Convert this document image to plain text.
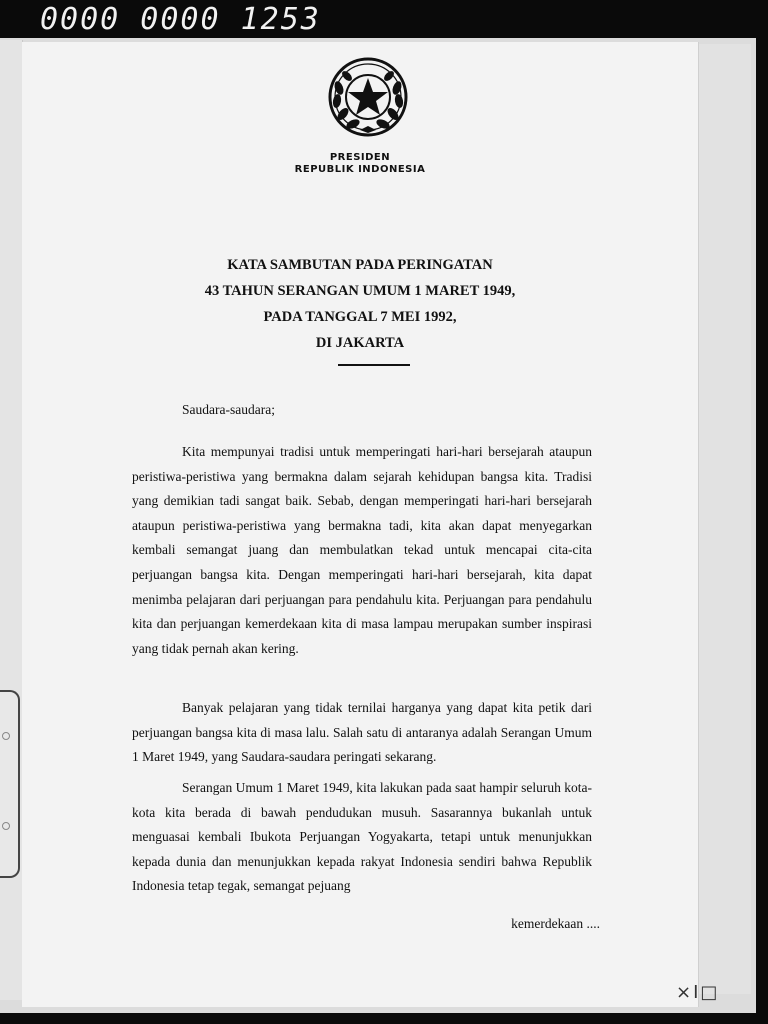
0000 0000 1253
PRESIDEN
REPUBLIK INDONESIA
KATA SAMBUTAN PADA PERINGATAN
43 TAHUN SERANGAN UMUM 1 MARET 1949,
PADA TANGGAL 7 MEI 1992,
DI JAKARTA
Saudara-saudara;
Kita mempunyai tradisi untuk memperingati hari-hari bersejarah ataupun peristiwa-peristiwa yang bermakna dalam sejarah kehidupan bangsa kita. Tradisi yang demikian tadi sangat baik. Sebab, dengan memperingati hari-hari bersejarah ataupun peristiwa-peristiwa yang bermakna tadi, kita akan dapat menyegarkan kembali semangat juang dan membulatkan tekad untuk mencapai cita-cita perjuangan bangsa kita. Dengan memperingati hari-hari bersejarah, kita dapat menimba pelajaran dari perjuangan para pendahulu kita. Perjuangan para pendahulu kita dan perjuangan kemerdekaan kita di masa lampau merupakan sumber inspirasi yang tidak pernah akan kering.
Banyak pelajaran yang tidak ternilai harganya yang dapat kita petik dari perjuangan bangsa kita di masa lalu. Salah satu di antaranya adalah Serangan Umum 1 Maret 1949, yang Saudara-saudara peringati sekarang.
Serangan Umum 1 Maret 1949, kita lakukan pada saat hampir seluruh kota-kota kita berada di bawah pendudukan musuh. Sasarannya bukanlah untuk menguasai kembali Ibukota Perjuangan Yogyakarta, tetapi untuk menunjukkan kepada dunia dan menunjukkan kepada rakyat Indonesia sendiri bahwa Republik Indonesia tetap tegak, semangat pejuang
kemerdekaan ....
×I□
